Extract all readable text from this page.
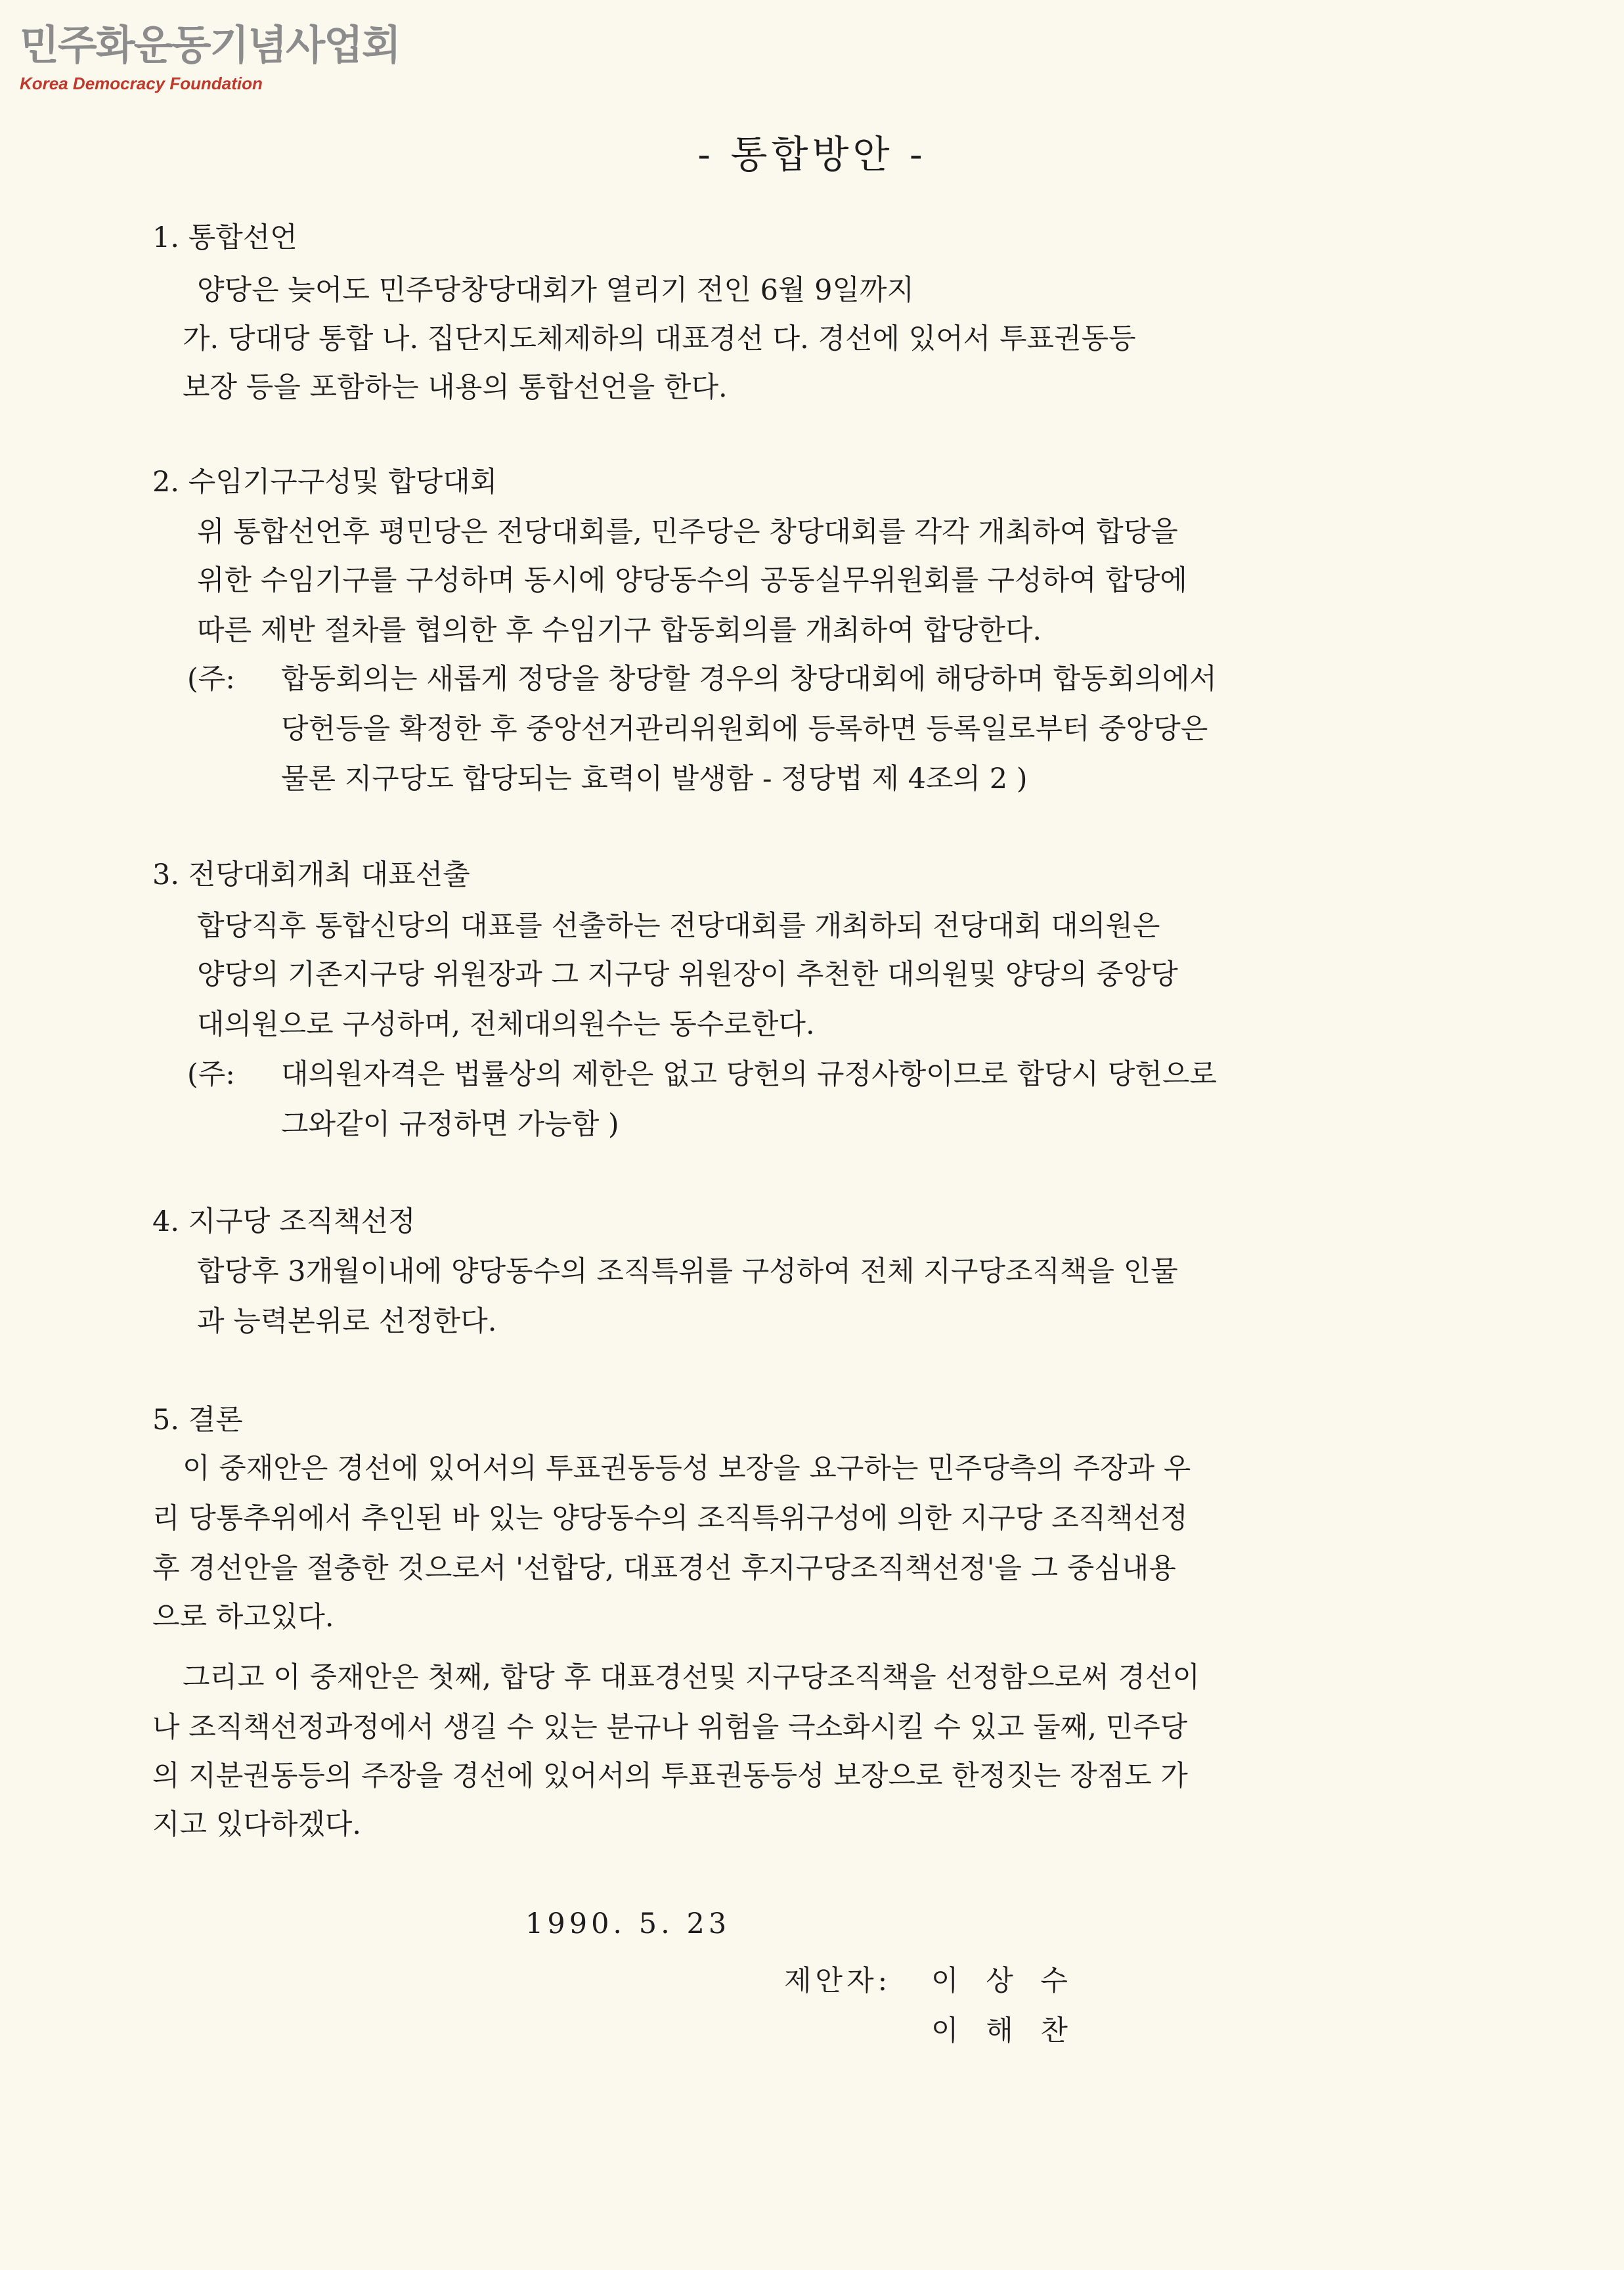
민주화운동기념사업회
Korea Democracy Foundation
- 통합방안 -
1. 통합선언
양당은 늦어도 민주당창당대회가 열리기 전인 6월 9일까지
가. 당대당 통합 나. 집단지도체제하의 대표경선 다. 경선에 있어서 투표권동등
보장 등을 포함하는 내용의 통합선언을 한다.
2. 수임기구구성및 합당대회
위 통합선언후 평민당은 전당대회를, 민주당은 창당대회를 각각 개최하여 합당을
위한 수임기구를 구성하며 동시에 양당동수의 공동실무위원회를 구성하여 합당에
따른 제반 절차를 협의한 후 수임기구 합동회의를 개최하여 합당한다.
(주: 합동회의는 새롭게 정당을 창당할 경우의 창당대회에 해당하며 합동회의에서
당헌등을 확정한 후 중앙선거관리위원회에 등록하면 등록일로부터 중앙당은
물론 지구당도 합당되는 효력이 발생함 - 정당법 제 4조의 2 )
3. 전당대회개최 대표선출
합당직후 통합신당의 대표를 선출하는 전당대회를 개최하되 전당대회 대의원은
양당의 기존지구당 위원장과 그 지구당 위원장이 추천한 대의원및 양당의 중앙당
대의원으로 구성하며, 전체대의원수는 동수로한다.
(주: 대의원자격은 법률상의 제한은 없고 당헌의 규정사항이므로 합당시 당헌으로
그와같이 규정하면 가능함 )
4. 지구당 조직책선정
합당후 3개월이내에 양당동수의 조직특위를 구성하여 전체 지구당조직책을 인물
과 능력본위로 선정한다.
5. 결론
이 중재안은 경선에 있어서의 투표권동등성 보장을 요구하는 민주당측의 주장과 우
리 당통추위에서 추인된 바 있는 양당동수의 조직특위구성에 의한 지구당 조직책선정
후 경선안을 절충한 것으로서 '선합당, 대표경선 후지구당조직책선정'을 그 중심내용
으로 하고있다.
그리고 이 중재안은 첫째, 합당 후 대표경선및 지구당조직책을 선정함으로써 경선이
나 조직책선정과정에서 생길 수 있는 분규나 위험을 극소화시킬 수 있고 둘째, 민주당
의 지분권동등의 주장을 경선에 있어서의 투표권동등성 보장으로 한정짓는 장점도 가
지고 있다하겠다.
1990. 5. 23
제안자: 이 상 수
이 해 찬
